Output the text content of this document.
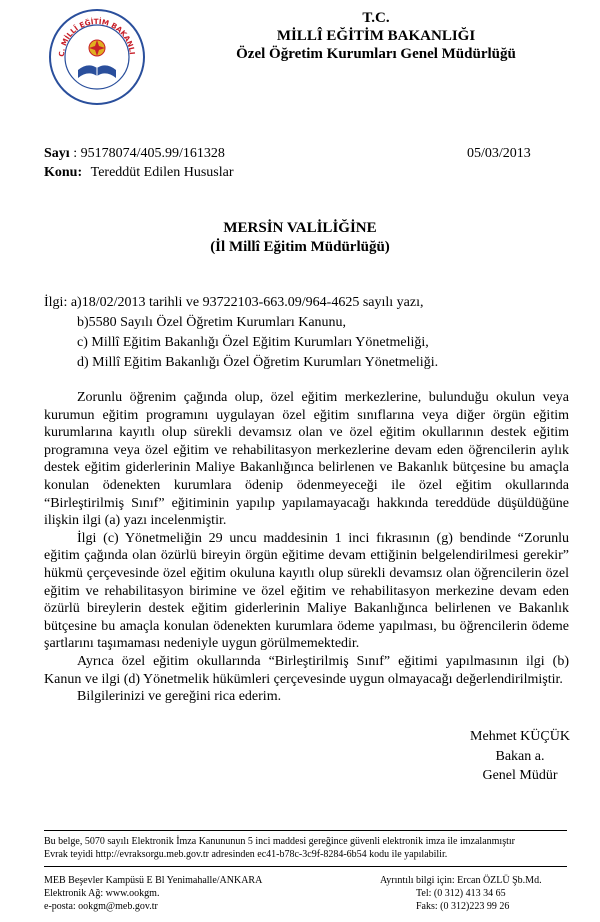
C. MİLLÎ EĞİTİM BAKANLI
T.C.
MİLLÎ EĞİTİM BAKANLIĞI
Özel Öğretim Kurumları Genel Müdürlüğü
Sayı : 95178074/405.99/161328	05/03/2013
Konu: Tereddüt Edilen Hususlar
MERSİN VALİLİĞİNE
(İl Millî Eğitim Müdürlüğü)
İlgi: a)18/02/2013 tarihli ve 93722103-663.09/964-4625 sayılı yazı,
b)5580 Sayılı Özel Öğretim Kurumları Kanunu,
c) Millî Eğitim Bakanlığı Özel Eğitim Kurumları Yönetmeliği,
d) Millî Eğitim Bakanlığı Özel Öğretim Kurumları Yönetmeliği.

Zorunlu öğrenim çağında olup, özel eğitim merkezlerine, bulunduğu okulun veya kurumun eğitim programını uygulayan özel eğitim sınıflarına veya diğer örgün eğitim kurumlarına kayıtlı olup sürekli devamsız olan ve özel eğitim okullarının destek eğitim programına veya özel eğitim ve rehabilitasyon merkezlerine devam eden öğrencilerin aylık destek eğitim giderlerinin Maliye Bakanlığınca belirlenen ve Bakanlık bütçesine bu amaçla konulan ödenekten kurumlara ödenip ödenmeyeceği ile özel eğitim okullarında “Birleştirilmiş Sınıf” eğitiminin yapılıp yapılamayacağı hakkında tereddüde düşüldüğüne ilişkin ilgi (a) yazı incelenmiştir.

İlgi (c) Yönetmeliğin 29 uncu maddesinin 1 inci fıkrasının (g) bendinde “Zorunlu eğitim çağında olan özürlü bireyin örgün eğitime devam ettiğinin belgelendirilmesi gerekir” hükmü çerçevesinde özel eğitim okuluna kayıtlı olup sürekli devamsız olan öğrencilerin özel eğitim ve rehabilitasyon birimine ve özel eğitim ve rehabilitasyon merkezine devam eden özürlü bireylerin destek eğitim giderlerinin Maliye Bakanlığınca belirlenen ve Bakanlık bütçesine bu amaçla konulan ödenekten kurumlara ödeme yapılması, bu öğrencilerin ödeme şartlarını taşımaması nedeniyle uygun görülmemektedir.

Ayrıca özel eğitim okullarında “Birleştirilmiş Sınıf” eğitimi yapılmasının ilgi (b) Kanun ve ilgi (d) Yönetmelik hükümleri çerçevesinde uygun olmayacağı değerlendirilmiştir.

Bilgilerinizi ve gereğini rica ederim.

Mehmet KÜÇÜK
Bakan a.
Genel Müdür
Bu belge, 5070 sayılı Elektronik İmza Kanununun 5 inci maddesi gereğince güvenli elektronik imza ile imzalanmıştır
Evrak teyidi http://evraksorgu.meb.gov.tr adresinden ec41-b78c-3c9f-8284-6b54 kodu ile yapılabilir.
MEB Beşevler Kampüsü E Bl Yenimahalle/ANKARA
Elektronik Ağ: www.ookgm.
e-posta: ookgm@meb.gov.tr
Ayrıntılı bilgi için: Ercan ÖZLÜ Şb.Md.
Tel: (0 312) 413 34 65
Faks: (0 312)223 99 26
